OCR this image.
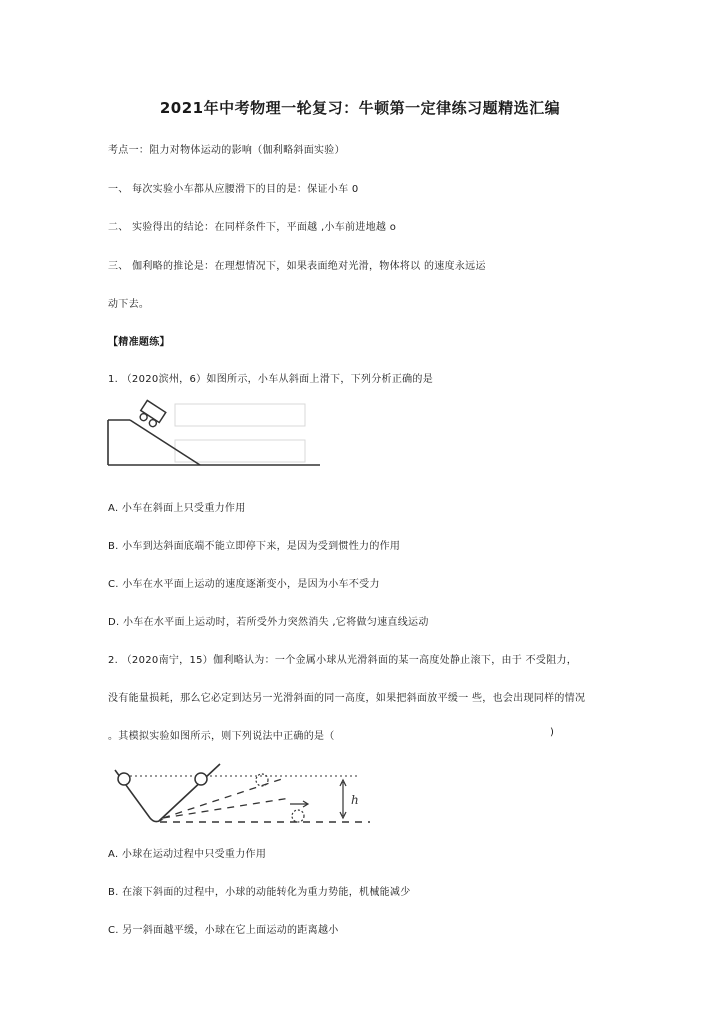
2021年中考物理一轮复习：牛顿第一定律练习题精选汇编
考点一：阻力对物体运动的影响（伽利略斜面实验）
一、 每次实验小车都从应腰滑下的目的是：保证小车 0
二、 实验得出的结论：在同样条件下，平面越 ,小车前进地越 o
三、 伽利略的推论是：在理想情况下，如果表面绝对光滑，物体将以 的速度永远运
动下去。
【精准题练】
1. （2020滨州，6）如图所示，小车从斜面上滑下，下列分析正确的是
A. 小车在斜面上只受重力作用
B. 小车到达斜面底端不能立即停下来，是因为受到惯性力的作用
C. 小车在水平面上运动的速度逐渐变小，是因为小车不受力
D. 小车在水平面上运动时，若所受外力突然消失 ,它将做匀速直线运动
2. （2020南宁，15）伽利略认为：一个金属小球从光滑斜面的某一高度处静止滚下，由于 不受阻力，
没有能量损耗，那么它必定到达另一光滑斜面的同一高度，如果把斜面放平缓一 些，也会出现同样的情况
。其模拟实验如图所示，则下列说法中正确的是（	)
h
A. 小球在运动过程中只受重力作用
B. 在滚下斜面的过程中，小球的动能转化为重力势能，机械能减少
C. 另一斜面越平缓，小球在它上面运动的距离越小
